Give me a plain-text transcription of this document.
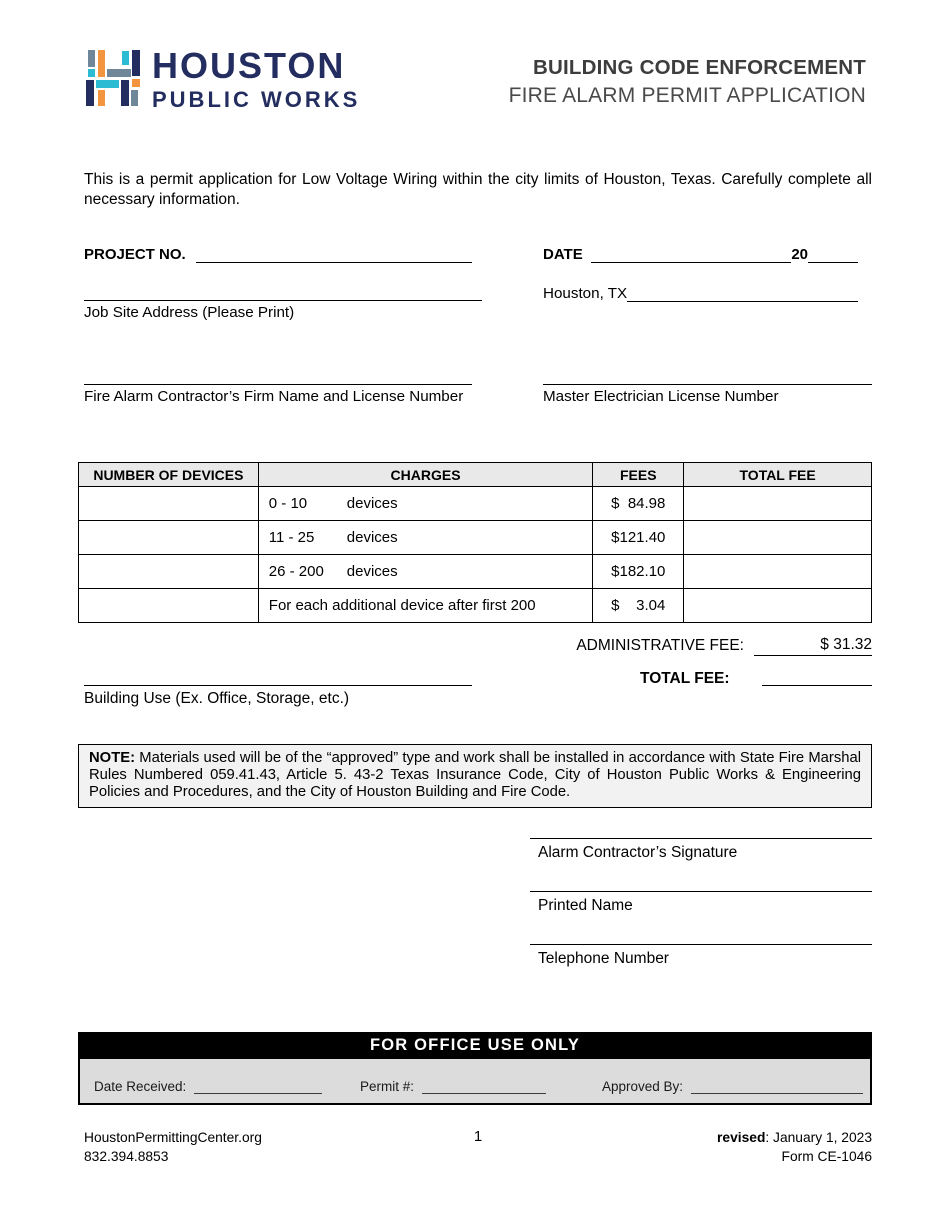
HOUSTON
PUBLIC WORKS
BUILDING CODE ENFORCEMENT
FIRE ALARM PERMIT APPLICATION
This is a permit application for Low Voltage Wiring within the city limits of Houston, Texas. Carefully complete all necessary information.
PROJECT NO.	DATE	20
Job Site Address (Please Print)
Houston, TX
Fire Alarm Contractor’s Firm Name and License Number	Master Electrician License Number
NUMBER OF DEVICES	CHARGES	FEES	TOTAL FEE
	0 - 10 devices	$  84.98	
	11 - 25 devices	$121.40	
	26 - 200 devices	$182.10	
	For each additional device after first 200	$    3.04	
ADMINISTRATIVE FEE:	$ 31.32
Building Use (Ex. Office, Storage, etc.)
TOTAL FEE:
NOTE: Materials used will be of the “approved” type and work shall be installed in accordance with State Fire Marshal Rules Numbered 059.41.43, Article 5. 43-2 Texas Insurance Code, City of Houston Public Works & Engineering Policies and Procedures, and the City of Houston Building and Fire Code.
Alarm Contractor’s Signature
Printed Name
Telephone Number
FOR OFFICE USE ONLY
Date Received:	Permit #:	Approved By:
HoustonPermittingCenter.org
832.394.8853
1	revised: January 1, 2023
Form CE-1046
